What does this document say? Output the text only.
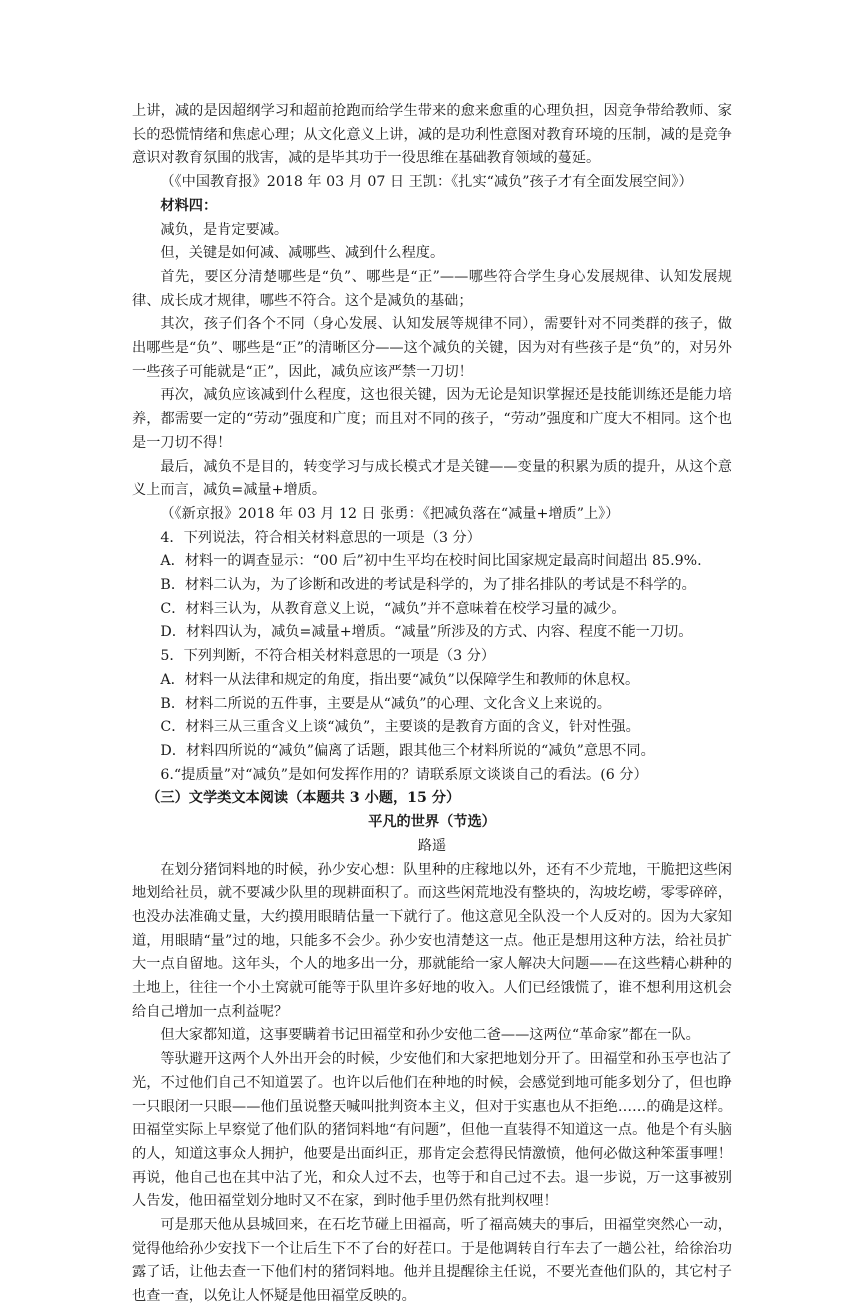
上讲，减的是因超纲学习和超前抢跑而给学生带来的愈来愈重的心理负担，因竞争带给教师、家长的恐慌情绪和焦虑心理；从文化意义上讲，减的是功利性意图对教育环境的压制，减的是竞争意识对教育氛围的戕害，减的是毕其功于一役思维在基础教育领域的蔓延。

（《中国教育报》2018 年 03 月 07 日 王凯：《扎实“减负”孩子才有全面发展空间》）

材料四：

减负，是肯定要减。

但，关键是如何减、减哪些、减到什么程度。

首先，要区分清楚哪些是“负”、哪些是“正”——哪些符合学生身心发展规律、认知发展规律、成长成才规律，哪些不符合。这个是减负的基础；

其次，孩子们各个不同（身心发展、认知发展等规律不同），需要针对不同类群的孩子，做出哪些是“负”、哪些是“正”的清晰区分——这个减负的关键，因为对有些孩子是“负”的，对另外一些孩子可能就是“正”，因此，减负应该严禁一刀切！

再次，减负应该减到什么程度，这也很关键，因为无论是知识掌握还是技能训练还是能力培养，都需要一定的“劳动”强度和广度；而且对不同的孩子，“劳动”强度和广度大不相同。这个也是一刀切不得！

最后，减负不是目的，转变学习与成长模式才是关键——变量的积累为质的提升，从这个意义上而言，减负=减量+增质。

（《新京报》2018 年 03 月 12 日 张勇：《把减负落在“减量+增质”上》）

4．下列说法，符合相关材料意思的一项是（3 分）

A．材料一的调查显示：“00 后”初中生平均在校时间比国家规定最高时间超出 85.9%.

B．材料二认为，为了诊断和改进的考试是科学的，为了排名排队的考试是不科学的。

C．材料三认为，从教育意义上说，“减负”并不意味着在校学习量的减少。

D．材料四认为，减负=减量+增质。“减量”所涉及的方式、内容、程度不能一刀切。

5．下列判断，不符合相关材料意思的一项是（3 分）

A．材料一从法律和规定的角度，指出要“减负”以保障学生和教师的休息权。

B．材料二所说的五件事，主要是从“减负”的心理、文化含义上来说的。

C．材料三从三重含义上谈“减负”，主要谈的是教育方面的含义，针对性强。

D．材料四所说的“减负”偏离了话题，跟其他三个材料所说的“减负”意思不同。

6.“提质量”对“减负”是如何发挥作用的？请联系原文谈谈自己的看法。(6 分）

（三）文学类文本阅读（本题共 3 小题，15 分）

平凡的世界（节选）

路遥

在划分猪饲料地的时候，孙少安心想：队里种的庄稼地以外，还有不少荒地，干脆把这些闲地划给社员，就不要减少队里的现耕面积了。而这些闲荒地没有整块的，沟坡圪崂，零零碎碎，也没办法准确丈量，大约摸用眼睛估量一下就行了。他这意见全队没一个人反对的。因为大家知道，用眼睛“量”过的地，只能多不会少。孙少安也清楚这一点。他正是想用这种方法，给社员扩大一点自留地。这年头，个人的地多出一分，那就能给一家人解决大问题——在这些精心耕种的土地上，往往一个小土窝就可能等于队里许多好地的收入。人们已经饿慌了，谁不想利用这机会给自己增加一点利益呢？

但大家都知道，这事要瞒着书记田福堂和孙少安他二爸——这两位“革命家”都在一队。

等驮避开这两个人外出开会的时候，少安他们和大家把地划分开了。田福堂和孙玉亭也沾了光，不过他们自己不知道罢了。也许以后他们在种地的时候，会感觉到地可能多划分了，但也睁一只眼闭一只眼——他们虽说整天喊叫批判资本主义，但对于实惠也从不拒绝……的确是这样。田福堂实际上早察觉了他们队的猪饲料地“有问题”，但他一直装得不知道这一点。他是个有头脑的人，知道这事众人拥护，他要是出面纠正，那肯定会惹得民情激愤，他何必做这种笨蛋事哩！再说，他自己也在其中沾了光，和众人过不去，也等于和自己过不去。退一步说，万一这事被别人告发，他田福堂划分地时又不在家，到时他手里仍然有批判权哩！

可是那天他从县城回来，在石圪节碰上田福高，听了福高姨夫的事后，田福堂突然心一动，觉得他给孙少安找下一个让后生下不了台的好茬口。于是他调转自行车去了一趟公社，给徐治功露了话，让他去查一下他们村的猪饲料地。他并且提醒徐主任说，不要光查他们队的，其它村子也查一查，以免让人怀疑是他田福堂反映的。
